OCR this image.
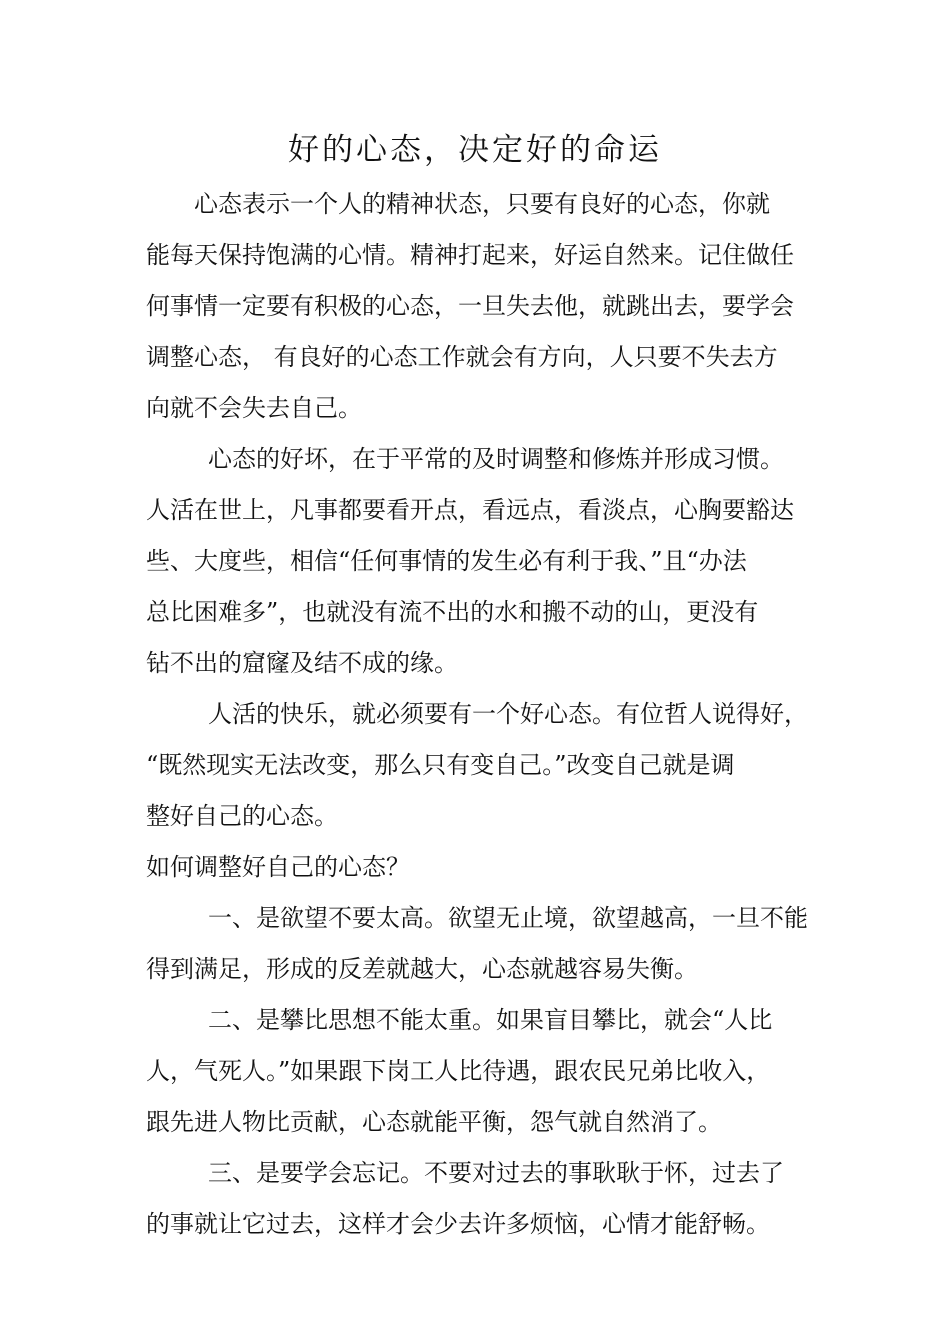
好的心态，决定好的命运
心态表示一个人的精神状态，只要有良好的心态，你就
能每天保持饱满的心情。精神打起来，好运自然来。记住做任
何事情一定要有积极的心态，一旦失去他，就跳出去，要学会
调整心态， 有良好的心态工作就会有方向，人只要不失去方
向就不会失去自己。
心态的好坏，在于平常的及时调整和修炼并形成习惯。
人活在世上，凡事都要看开点，看远点，看淡点，心胸要豁达
些、大度些，相信“任何事情的发生必有利于我、”且“办法
总比困难多”，也就没有流不出的水和搬不动的山，更没有
钻不出的窟窿及结不成的缘。
人活的快乐，就必须要有一个好心态。有位哲人说得好，
“既然现实无法改变，那么只有变自己。”改变自己就是调
整好自己的心态。
如何调整好自己的心态？
一、是欲望不要太高。欲望无止境，欲望越高，一旦不能
得到满足，形成的反差就越大，心态就越容易失衡。
二、是攀比思想不能太重。如果盲目攀比，就会“人比
人，气死人。”如果跟下岗工人比待遇，跟农民兄弟比收入，
跟先进人物比贡献，心态就能平衡，怨气就自然消了。
三、是要学会忘记。不要对过去的事耿耿于怀，过去了
的事就让它过去，这样才会少去许多烦恼，心情才能舒畅。
